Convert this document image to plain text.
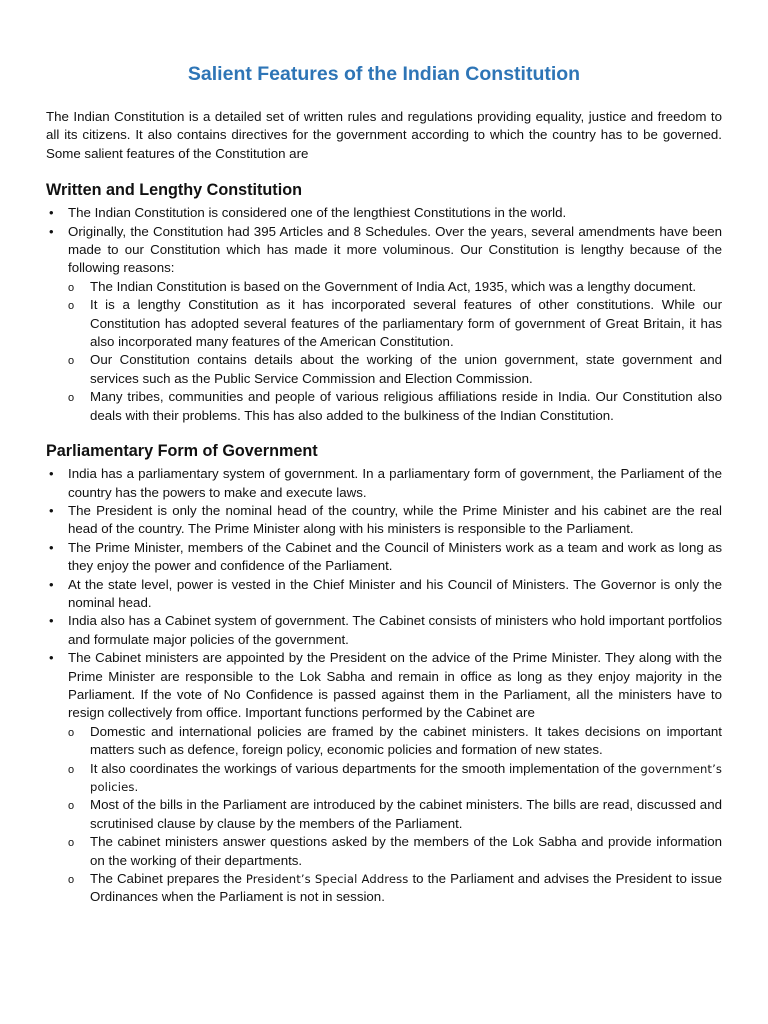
Salient Features of the Indian Constitution

The Indian Constitution is a detailed set of written rules and regulations providing equality, justice and freedom to all its citizens. It also contains directives for the government according to which the country has to be governed. Some salient features of the Constitution are

Written and Lengthy Constitution
• The Indian Constitution is considered one of the lengthiest Constitutions in the world.
• Originally, the Constitution had 395 Articles and 8 Schedules. Over the years, several amendments have been made to our Constitution which has made it more voluminous. Our Constitution is lengthy because of the following reasons:
o The Indian Constitution is based on the Government of India Act, 1935, which was a lengthy document.
o It is a lengthy Constitution as it has incorporated several features of other constitutions. While our Constitution has adopted several features of the parliamentary form of government of Great Britain, it has also incorporated many features of the American Constitution.
o Our Constitution contains details about the working of the union government, state government and services such as the Public Service Commission and Election Commission.
o Many tribes, communities and people of various religious affiliations reside in India. Our Constitution also deals with their problems. This has also added to the bulkiness of the Indian Constitution.
Parliamentary Form of Government
• India has a parliamentary system of government. In a parliamentary form of government, the Parliament of the country has the powers to make and execute laws.
• The President is only the nominal head of the country, while the Prime Minister and his cabinet are the real head of the country. The Prime Minister along with his ministers is responsible to the Parliament.
• The Prime Minister, members of the Cabinet and the Council of Ministers work as a team and work as long as they enjoy the power and confidence of the Parliament.
• At the state level, power is vested in the Chief Minister and his Council of Ministers. The Governor is only the nominal head.
• India also has a Cabinet system of government. The Cabinet consists of ministers who hold important portfolios and formulate major policies of the government.
• The Cabinet ministers are appointed by the President on the advice of the Prime Minister. They along with the Prime Minister are responsible to the Lok Sabha and remain in office as long as they enjoy majority in the Parliament. If the vote of No Confidence is passed against them in the Parliament, all the ministers have to resign collectively from office. Important functions performed by the Cabinet are
o Domestic and international policies are framed by the cabinet ministers. It takes decisions on important matters such as defence, foreign policy, economic policies and formation of new states.
o It also coordinates the workings of various departments for the smooth implementation of the government’s policies.
o Most of the bills in the Parliament are introduced by the cabinet ministers. The bills are read, discussed and scrutinised clause by clause by the members of the Parliament.
o The cabinet ministers answer questions asked by the members of the Lok Sabha and provide information on the working of their departments.
o The Cabinet prepares the President’s Special Address to the Parliament and advises the President to issue Ordinances when the Parliament is not in session.
